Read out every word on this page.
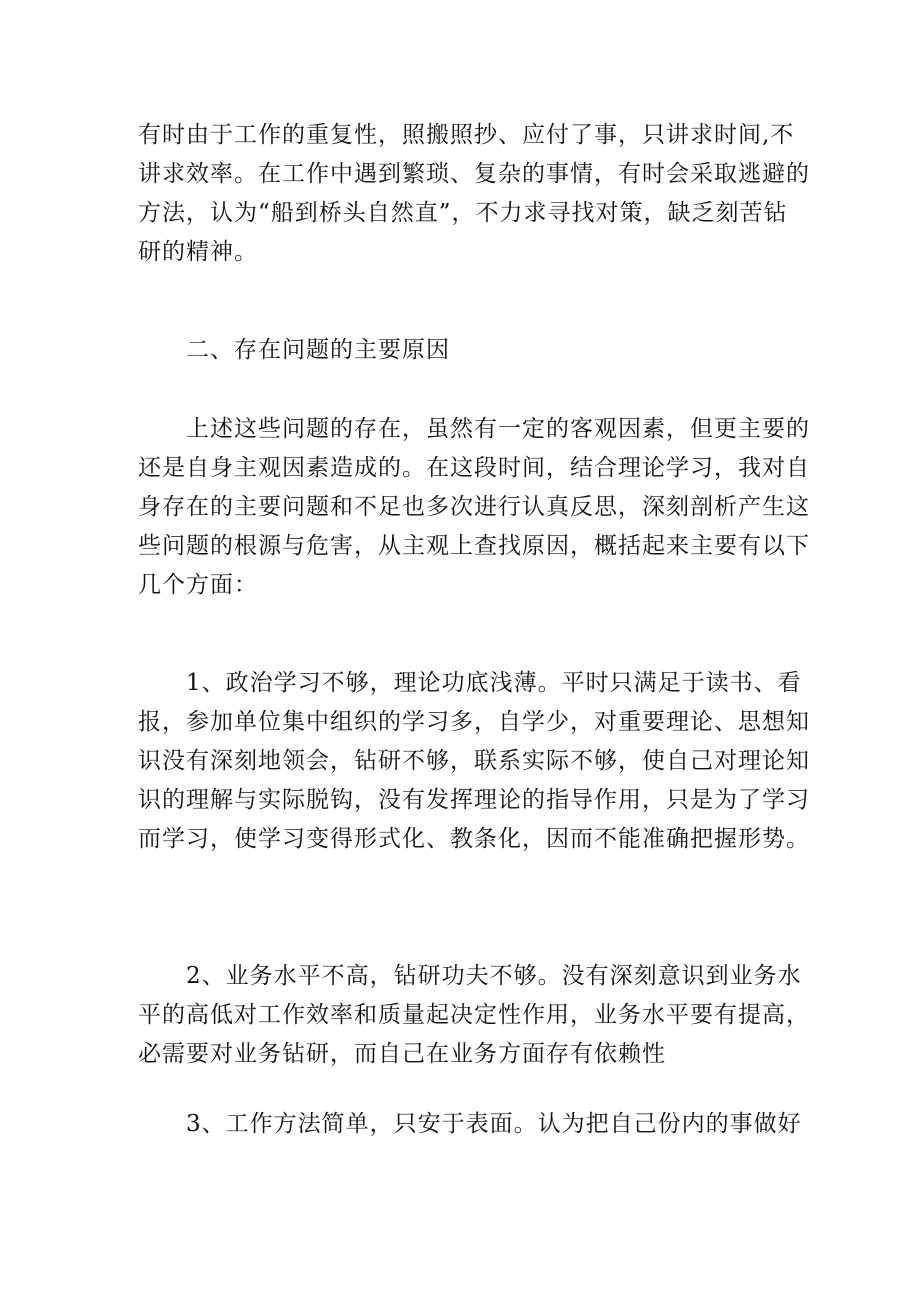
有时由于工作的重复性，照搬照抄、应付了事，只讲求时间,不
讲求效率。在工作中遇到繁琐、复杂的事情，有时会采取逃避的
方法，认为“船到桥头自然直”，不力求寻找对策，缺乏刻苦钻
研的精神。
二、存在问题的主要原因
上述这些问题的存在，虽然有一定的客观因素，但更主要的
还是自身主观因素造成的。在这段时间，结合理论学习，我对自
身存在的主要问题和不足也多次进行认真反思，深刻剖析产生这
些问题的根源与危害，从主观上查找原因，概括起来主要有以下
几个方面：
1、政治学习不够，理论功底浅薄。平时只满足于读书、看
报，参加单位集中组织的学习多，自学少，对重要理论、思想知
识没有深刻地领会，钻研不够，联系实际不够，使自己对理论知
识的理解与实际脱钩，没有发挥理论的指导作用，只是为了学习
而学习，使学习变得形式化、教条化，因而不能准确把握形势。
2、业务水平不高，钻研功夫不够。没有深刻意识到业务水
平的高低对工作效率和质量起决定性作用，业务水平要有提高，
必需要对业务钻研，而自己在业务方面存有依赖性
3、工作方法简单，只安于表面。认为把自己份内的事做好
